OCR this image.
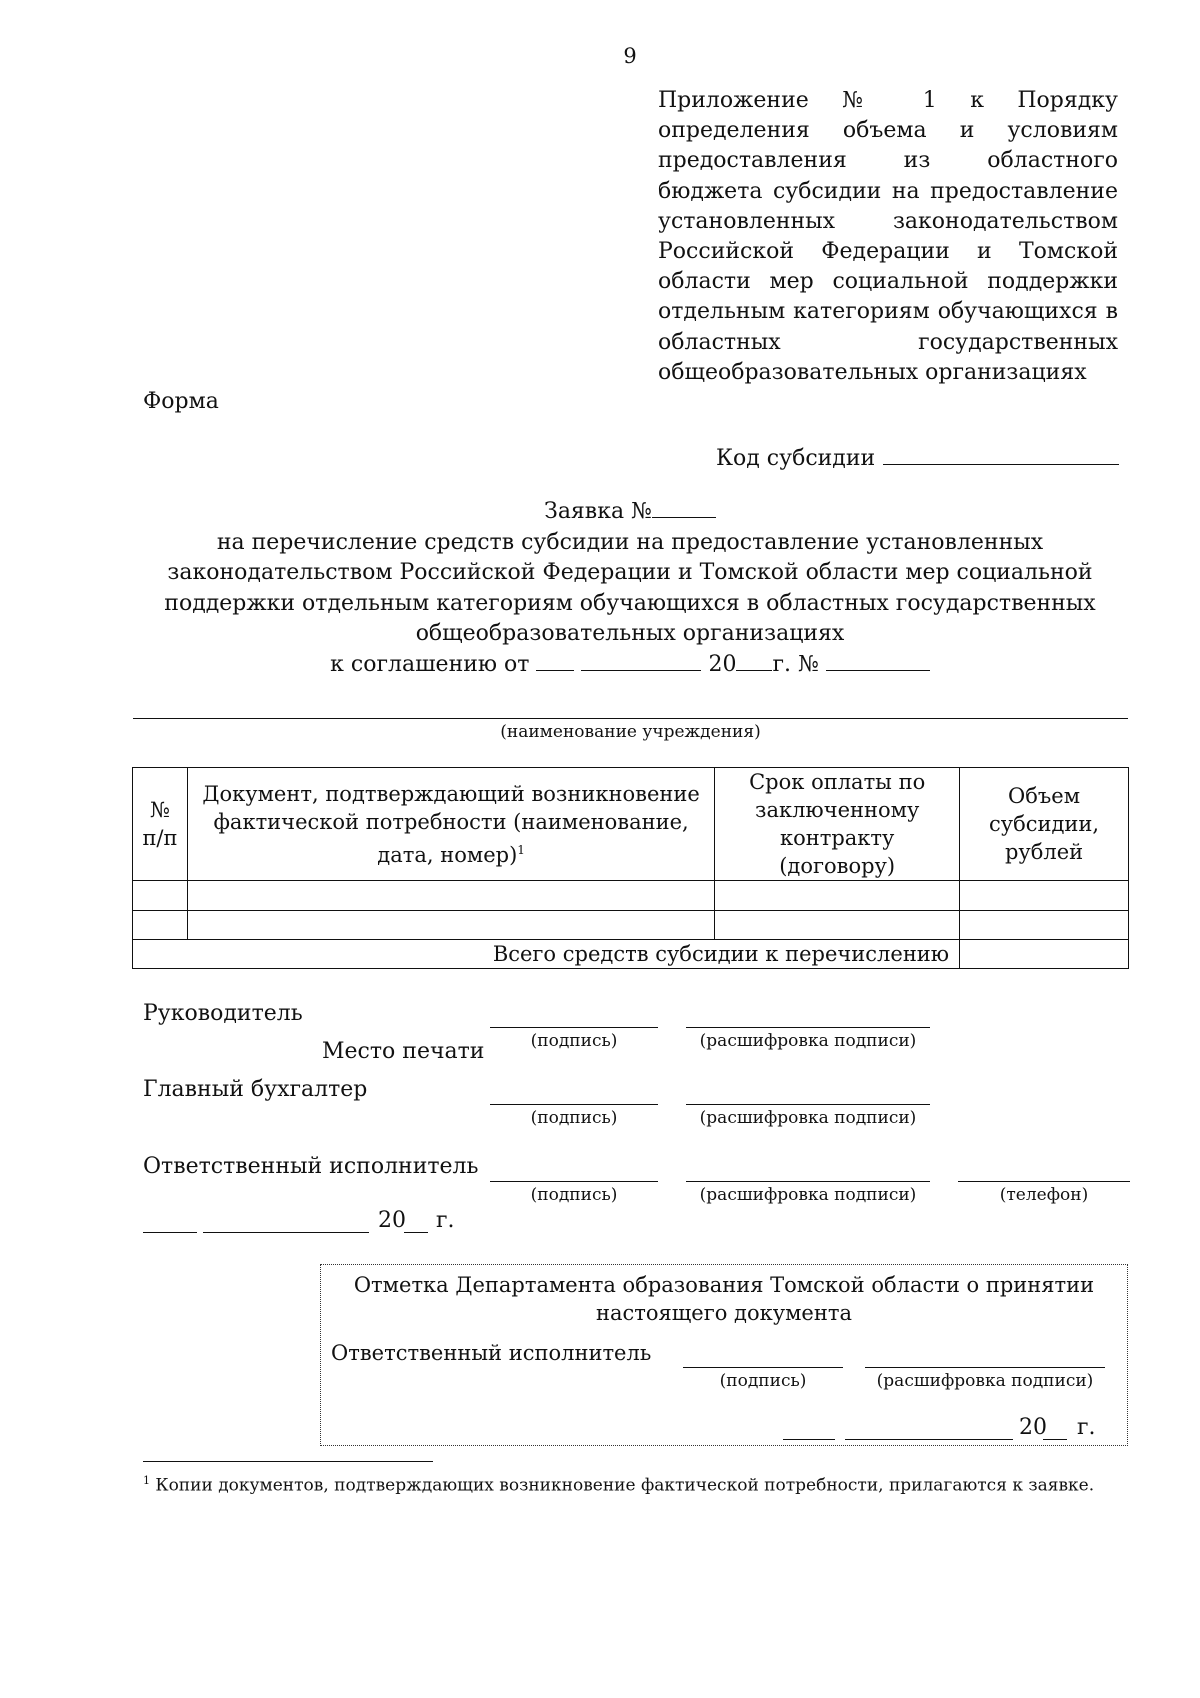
9
Приложение № 1 к Порядку определения объема и условиям предоставления из областного бюджета субсидии на предоставление установленных законодательством Российской Федерации и Томской области мер социальной поддержки отдельным категориям обучающихся в областных государственных общеобразовательных организациях
Форма
Код субсидии
Заявка №
на перечисление средств субсидии на предоставление установленных
законодательством Российской Федерации и Томской области мер социальной
поддержки отдельным категориям обучающихся в областных государственных
общеобразовательных организациях
к соглашению от	20 г. №
(наименование учреждения)
№ п/п	Документ, подтверждающий возникновение фактической потребности (наименование, дата, номер)$^1$	Срок оплаты по заключенному контракту (договору)	Объем субсидии, рублей

Всего средств субсидии к перечислению			
Руководитель
(подпись)	(расшифровка подписи)
Место печати
Главный бухгалтер
(подпись)	(расшифровка подписи)
Ответственный исполнитель
(подпись)	(расшифровка подписи)	(телефон)
20 г.
Отметка Департамента образования Томской области о принятии
настоящего документа
Ответственный исполнитель
(подпись)	(расшифровка подписи)
20 г.
$^1$ Копии документов, подтверждающих возникновение фактической потребности, прилагаются к заявке.
